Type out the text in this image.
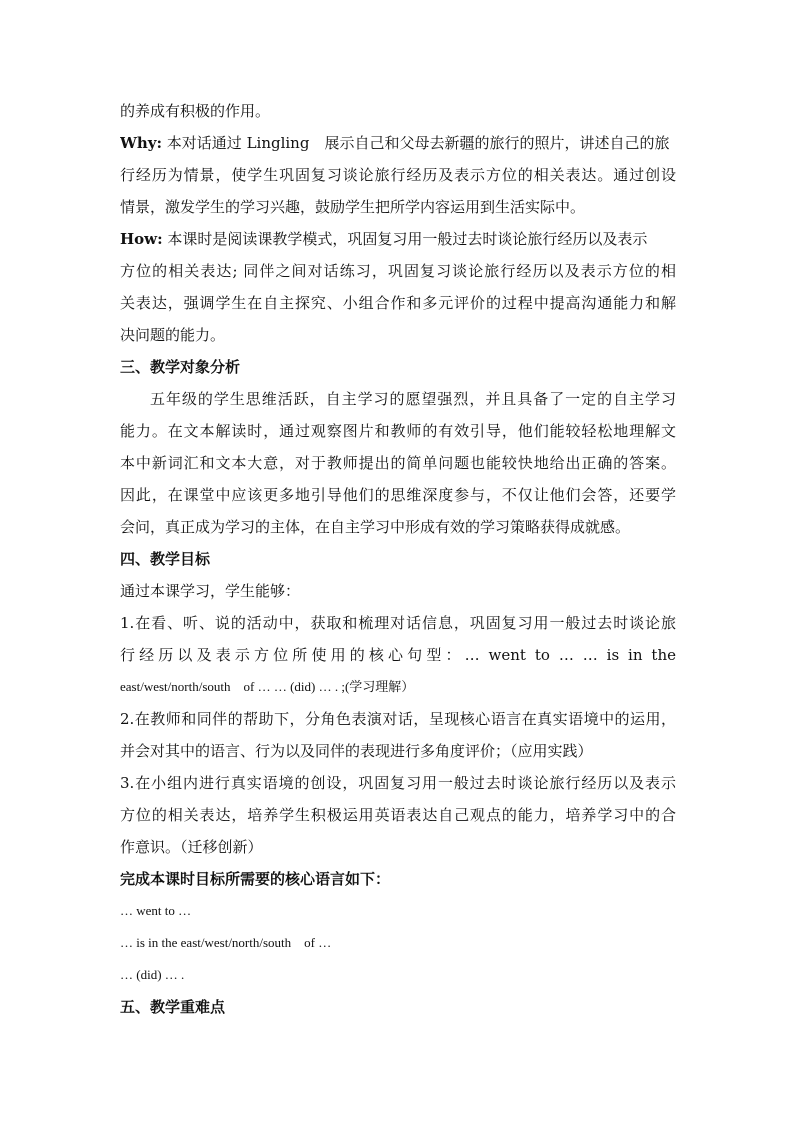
的养成有积极的作用。
Why: 本对话通过 Lingling　展示自己和父母去新疆的旅行的照片，讲述自己的旅
行经历为情景，使学生巩固复习谈论旅行经历及表示方位的相关表达。通过创设
情景，激发学生的学习兴趣，鼓励学生把所学内容运用到生活实际中。
How: 本课时是阅读课教学模式，巩固复习用一般过去时谈论旅行经历以及表示
方位的相关表达; 同伴之间对话练习，巩固复习谈论旅行经历以及表示方位的相
关表达，强调学生在自主探究、小组合作和多元评价的过程中提高沟通能力和解
决问题的能力。
三、教学对象分析
五年级的学生思维活跃，自主学习的愿望强烈，并且具备了一定的自主学习
能力。在文本解读时，通过观察图片和教师的有效引导，他们能较轻松地理解文
本中新词汇和文本大意，对于教师提出的简单问题也能较快地给出正确的答案。
因此，在课堂中应该更多地引导他们的思维深度参与，不仅让他们会答，还要学
会问，真正成为学习的主体，在自主学习中形成有效的学习策略获得成就感。
四、教学目标
通过本课学习，学生能够：
1.在看、听、说的活动中，获取和梳理对话信息，巩固复习用一般过去时谈论旅
行经历以及表示方位所使用的核心句型：… went to … … is in the
east/west/north/south　of … … (did) … . ;(学习理解）
2.在教师和同伴的帮助下，分角色表演对话，呈现核心语言在真实语境中的运用，
并会对其中的语言、行为以及同伴的表现进行多角度评价；（应用实践）
3.在小组内进行真实语境的创设，巩固复习用一般过去时谈论旅行经历以及表示
方位的相关表达，培养学生积极运用英语表达自己观点的能力，培养学习中的合
作意识。（迁移创新）
完成本课时目标所需要的核心语言如下：
… went to …
… is in the east/west/north/south　of …
… (did) … .
五、教学重难点
